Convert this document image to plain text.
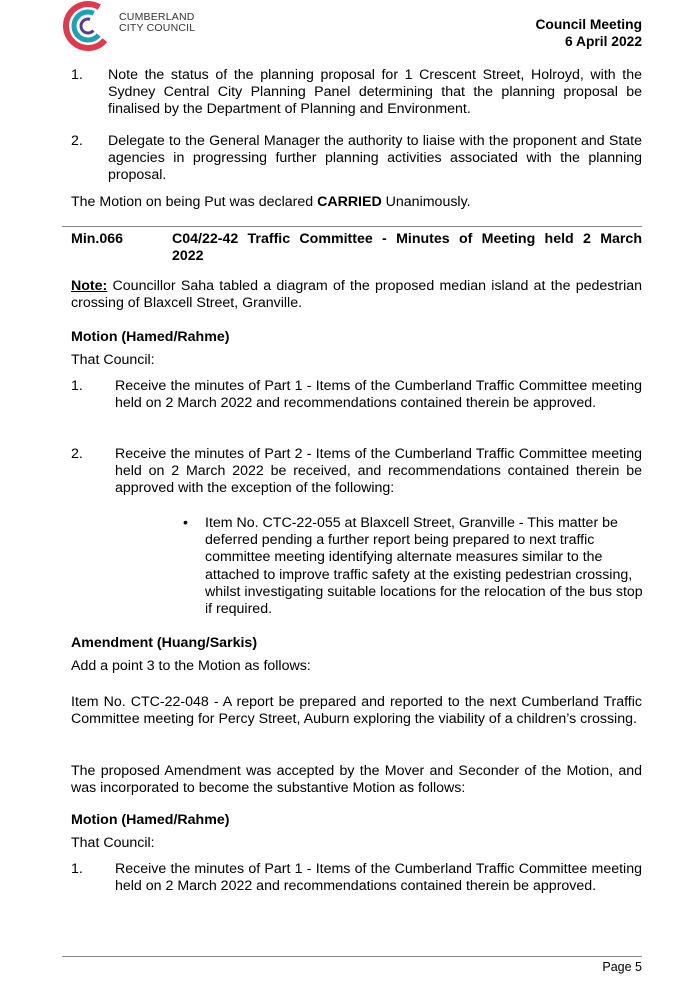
CUMBERLAND
CITY COUNCIL	Council Meeting
6 April 2022
1. Note the status of the planning proposal for 1 Crescent Street, Holroyd, with the Sydney Central City Planning Panel determining that the planning proposal be finalised by the Department of Planning and Environment.
2. Delegate to the General Manager the authority to liaise with the proponent and State agencies in progressing further planning activities associated with the planning proposal.
The Motion on being Put was declared CARRIED Unanimously.
Min.066	C04/22-42 Traffic Committee - Minutes of Meeting held 2 March
2022
Note: Councillor Saha tabled a diagram of the proposed median island at the pedestrian crossing of Blaxcell Street, Granville.
Motion (Hamed/Rahme)
That Council:
1. Receive the minutes of Part 1 - Items of the Cumberland Traffic Committee meeting held on 2 March 2022 and recommendations contained therein be approved.
2. Receive the minutes of Part 2 - Items of the Cumberland Traffic Committee meeting held on 2 March 2022 be received, and recommendations contained therein be approved with the exception of the following:
• Item No. CTC-22-055 at Blaxcell Street, Granville - This matter be deferred pending a further report being prepared to next traffic committee meeting identifying alternate measures similar to the attached to improve traffic safety at the existing pedestrian crossing, whilst investigating suitable locations for the relocation of the bus stop if required.
Amendment (Huang/Sarkis)
Add a point 3 to the Motion as follows:
Item No. CTC-22-048 - A report be prepared and reported to the next Cumberland Traffic Committee meeting for Percy Street, Auburn exploring the viability of a children’s crossing.
The proposed Amendment was accepted by the Mover and Seconder of the Motion, and was incorporated to become the substantive Motion as follows:
Motion (Hamed/Rahme)
That Council:
1. Receive the minutes of Part 1 - Items of the Cumberland Traffic Committee meeting held on 2 March 2022 and recommendations contained therein be approved.
Page 5
